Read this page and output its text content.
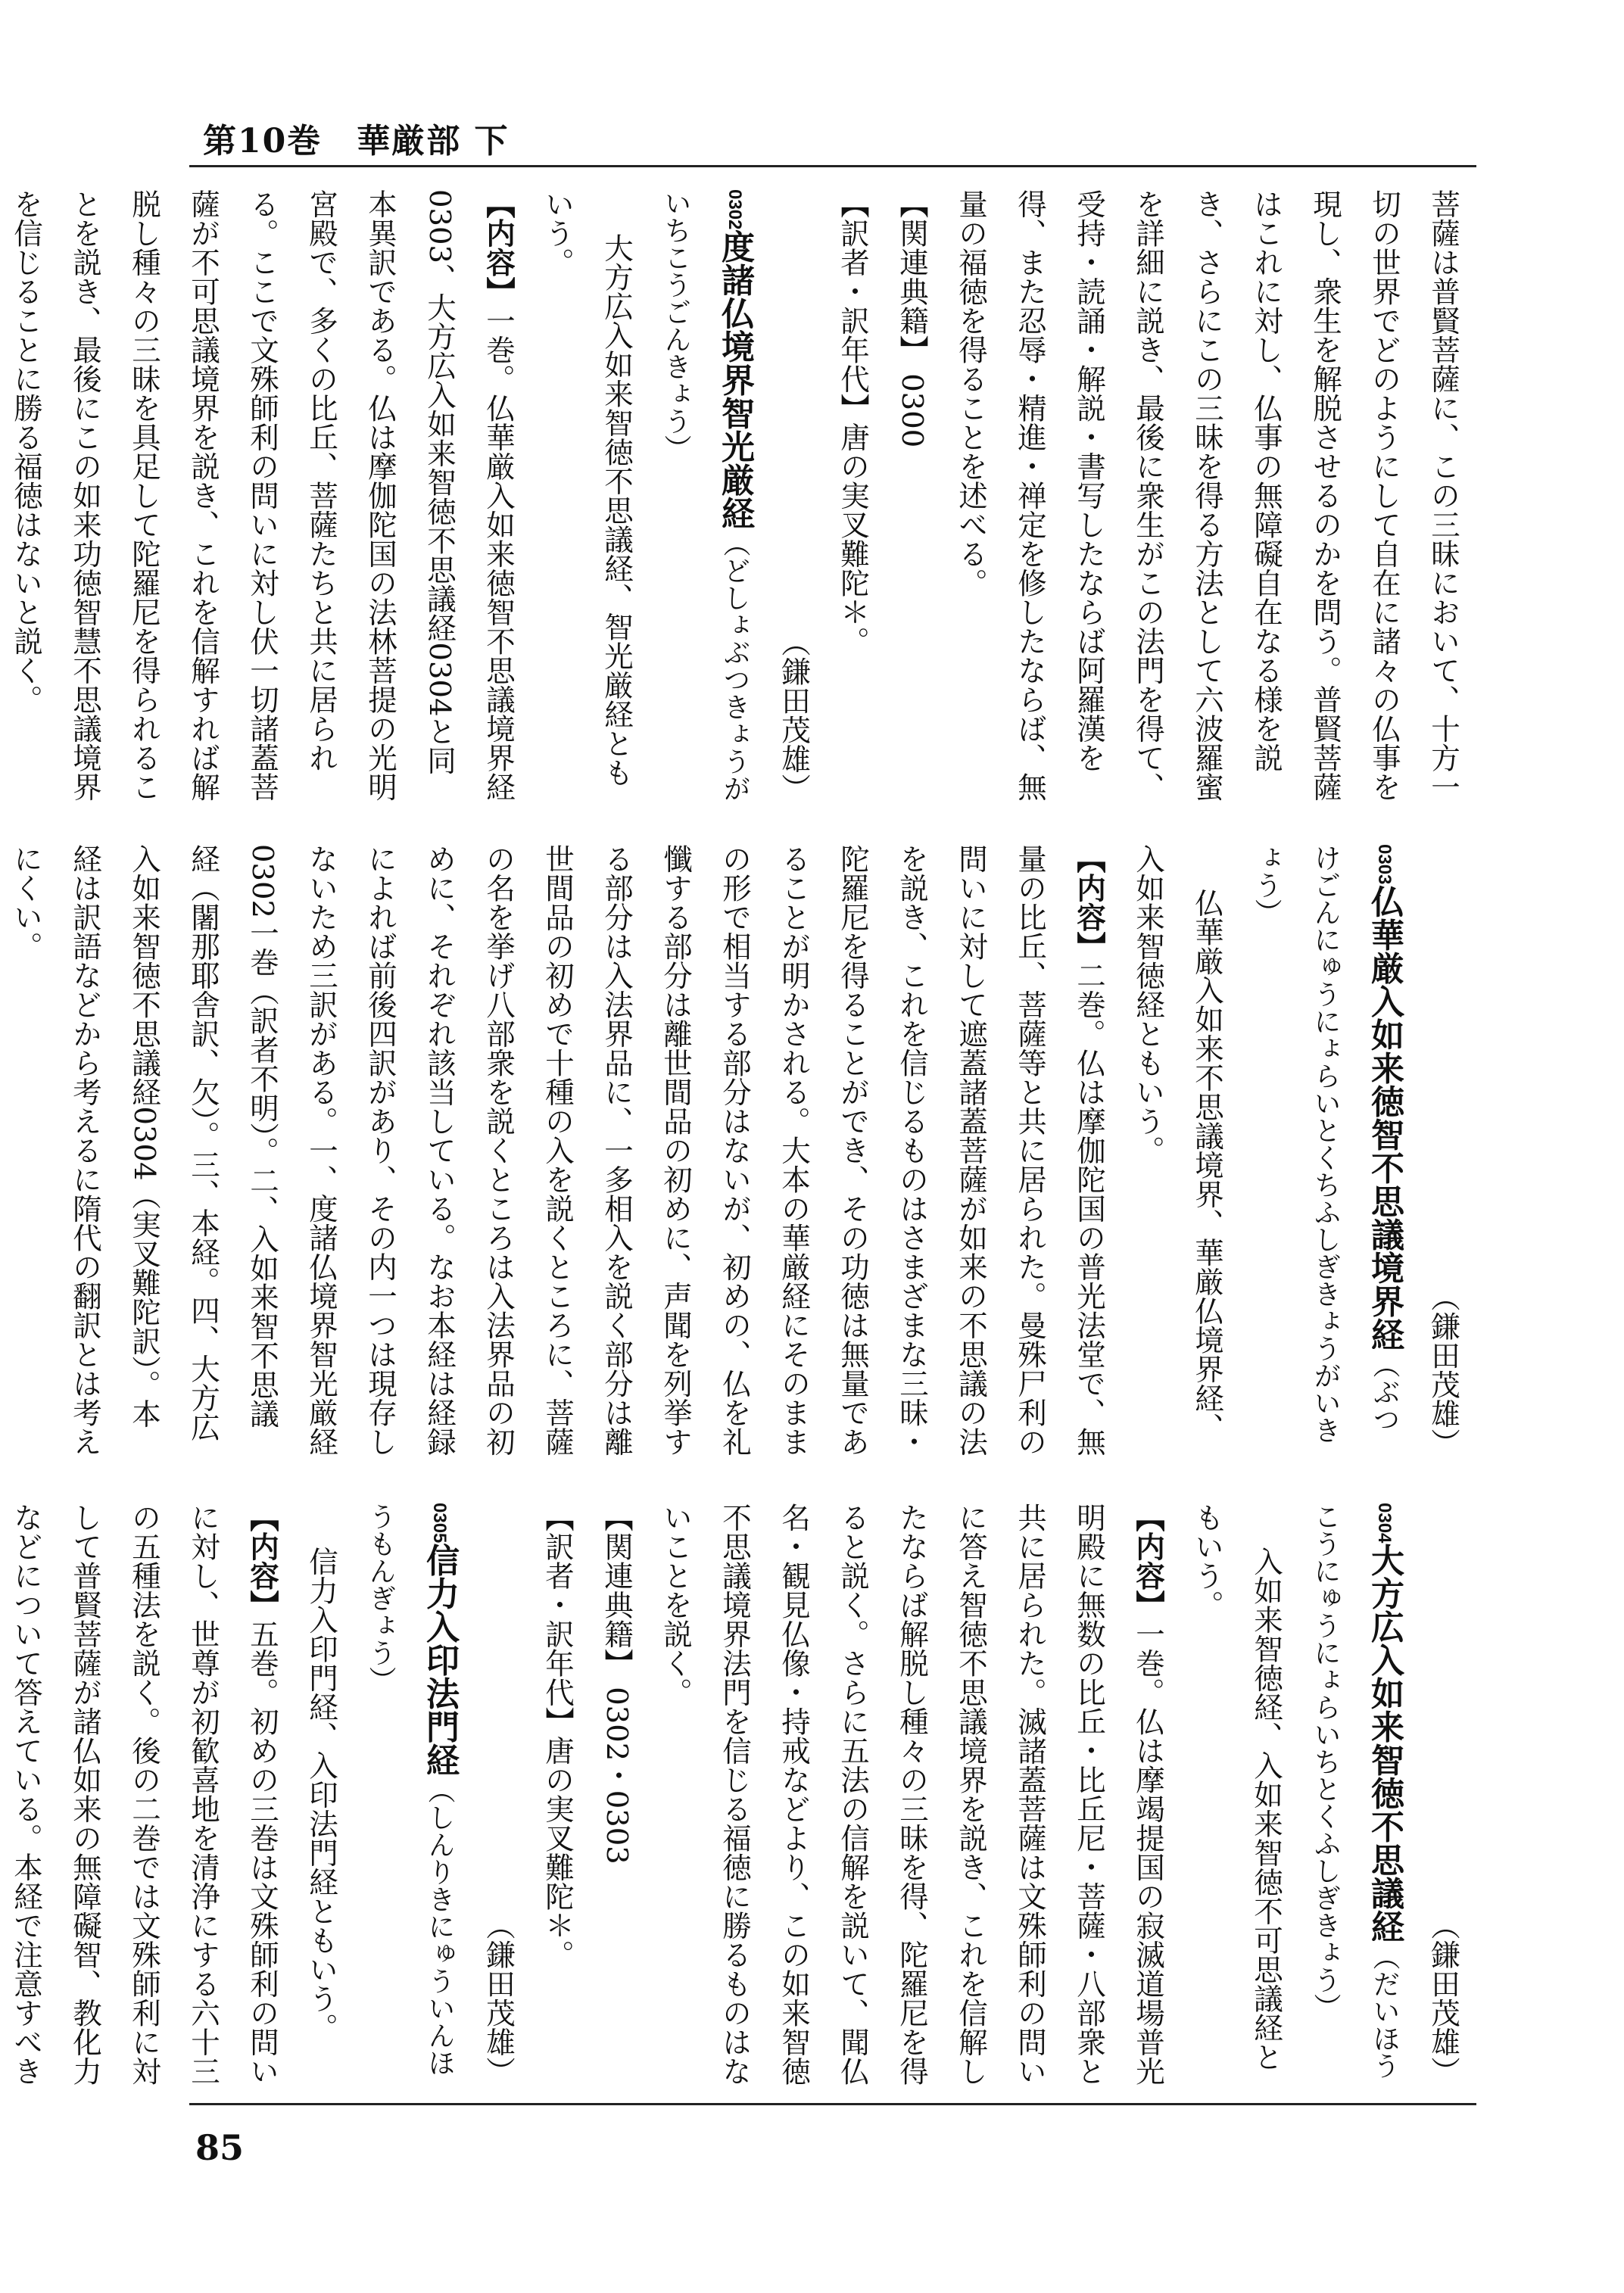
第10巻　華厳部 下

菩薩は普賢菩薩に、この三昧において、十方一切の世界でどのようにして自在に諸々の仏事を現し、衆生を解脱させるのかを問う。普賢菩薩はこれに対し、仏事の無障礙自在なる様を説き、さらにこの三昧を得る方法として六波羅蜜を詳細に説き、最後に衆生がこの法門を得て、受持・読誦・解説・書写したならば阿羅漢を得、また忍辱・精進・禅定を修したならば、無量の福徳を得ることを述べる。

【関連典籍】 0300

【訳者・訳年代】唐の実叉難陀＊。

（鎌田茂雄）

0302度諸仏境界智光厳経（どしょぶつきょうがいちこうごんきょう）

大方広入如来智徳不思議経、智光厳経ともいう。

【内容】一巻。仏華厳入如来徳智不思議境界経0303、大方広入如来智徳不思議経0304と同本異訳である。仏は摩伽陀国の法林菩提の光明宮殿で、多くの比丘、菩薩たちと共に居られる。ここで文殊師利の問いに対し伏一切諸蓋菩薩が不可思議境界を説き、これを信解すれば解脱し種々の三昧を具足して陀羅尼を得られることを説き、最後にこの如来功徳智慧不思議境界を信じることに勝る福徳はないと説く。

（鎌田茂雄）

0303仏華厳入如来徳智不思議境界経（ぶつけごんにゅうにょらいとくちふしぎきょうがいきょう）

仏華厳入如来不思議境界、華厳仏境界経、入如来智徳経ともいう。

【内容】二巻。仏は摩伽陀国の普光法堂で、無量の比丘、菩薩等と共に居られた。曼殊尸利の問いに対して遮蓋諸蓋菩薩が如来の不思議の法を説き、これを信じるものはさまざまな三昧・陀羅尼を得ることができ、その功徳は無量であることが明かされる。大本の華厳経にそのままの形で相当する部分はないが、初めの、仏を礼懺する部分は離世間品の初めに、声聞を列挙する部分は入法界品に、一多相入を説く部分は離世間品の初めで十種の入を説くところに、菩薩の名を挙げ八部衆を説くところは入法界品の初めに、それぞれ該当している。なお本経は経録によれば前後四訳があり、その内一つは現存しないため三訳がある。一、度諸仏境界智光厳経0302一巻（訳者不明）。二、入如来智不思議経（闍那耶舎訳、欠）。三、本経。四、大方広入如来智徳不思議経0304（実叉難陀訳）。本経は訳語などから考えるに隋代の翻訳とは考えにくい。

（鎌田茂雄）

0304大方広入如来智徳不思議経（だいほうこうにゅうにょらいちとくふしぎきょう）

入如来智徳経、入如来智徳不可思議経ともいう。

【内容】一巻。仏は摩竭提国の寂滅道場普光明殿に無数の比丘・比丘尼・菩薩・八部衆と共に居られた。滅諸蓋菩薩は文殊師利の問いに答え智徳不思議境界を説き、これを信解したならば解脱し種々の三昧を得、陀羅尼を得ると説く。さらに五法の信解を説いて、聞仏名・観見仏像・持戒などより、この如来智徳不思議境界法門を信じる福徳に勝るものはないことを説く。

【関連典籍】 0302・0303

【訳者・訳年代】唐の実叉難陀＊。

（鎌田茂雄）

0305信力入印法門経（しんりきにゅういんほうもんぎょう）

信力入印門経、入印法門経ともいう。

【内容】五巻。初めの三巻は文殊師利の問いに対し、世尊が初歓喜地を清浄にする六十三の五種法を説く。後の二巻では文殊師利に対して普賢菩薩が諸仏如来の無障礙智、教化力などについて答えている。本経で注意すべき

85
